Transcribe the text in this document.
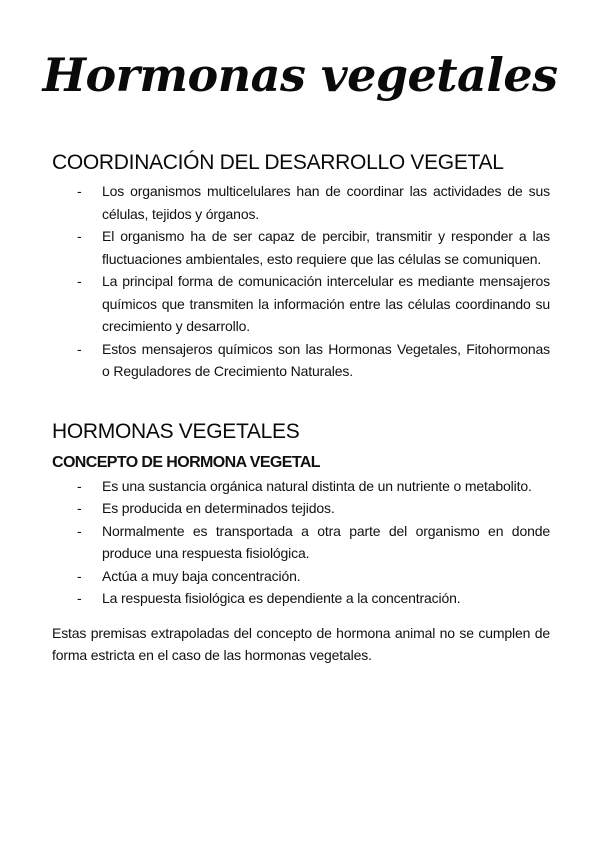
Hormonas vegetales
COORDINACIÓN DEL DESARROLLO VEGETAL
- Los organismos multicelulares han de coordinar las actividades de sus células, tejidos y órganos.
- El organismo ha de ser capaz de percibir, transmitir y responder a las fluctuaciones ambientales, esto requiere que las células se comuniquen.
- La principal forma de comunicación intercelular es mediante mensajeros químicos que transmiten la información entre las células coordinando su crecimiento y desarrollo.
- Estos mensajeros químicos son las Hormonas Vegetales, Fitohormonas o Reguladores de Crecimiento Naturales.
HORMONAS VEGETALES
CONCEPTO DE HORMONA VEGETAL
- Es una sustancia orgánica natural distinta de un nutriente o metabolito.
- Es producida en determinados tejidos.
- Normalmente es transportada a otra parte del organismo en donde produce una respuesta fisiológica.
- Actúa a muy baja concentración.
- La respuesta fisiológica es dependiente a la concentración.

Estas premisas extrapoladas del concepto de hormona animal no se cumplen de forma estricta en el caso de las hormonas vegetales.
